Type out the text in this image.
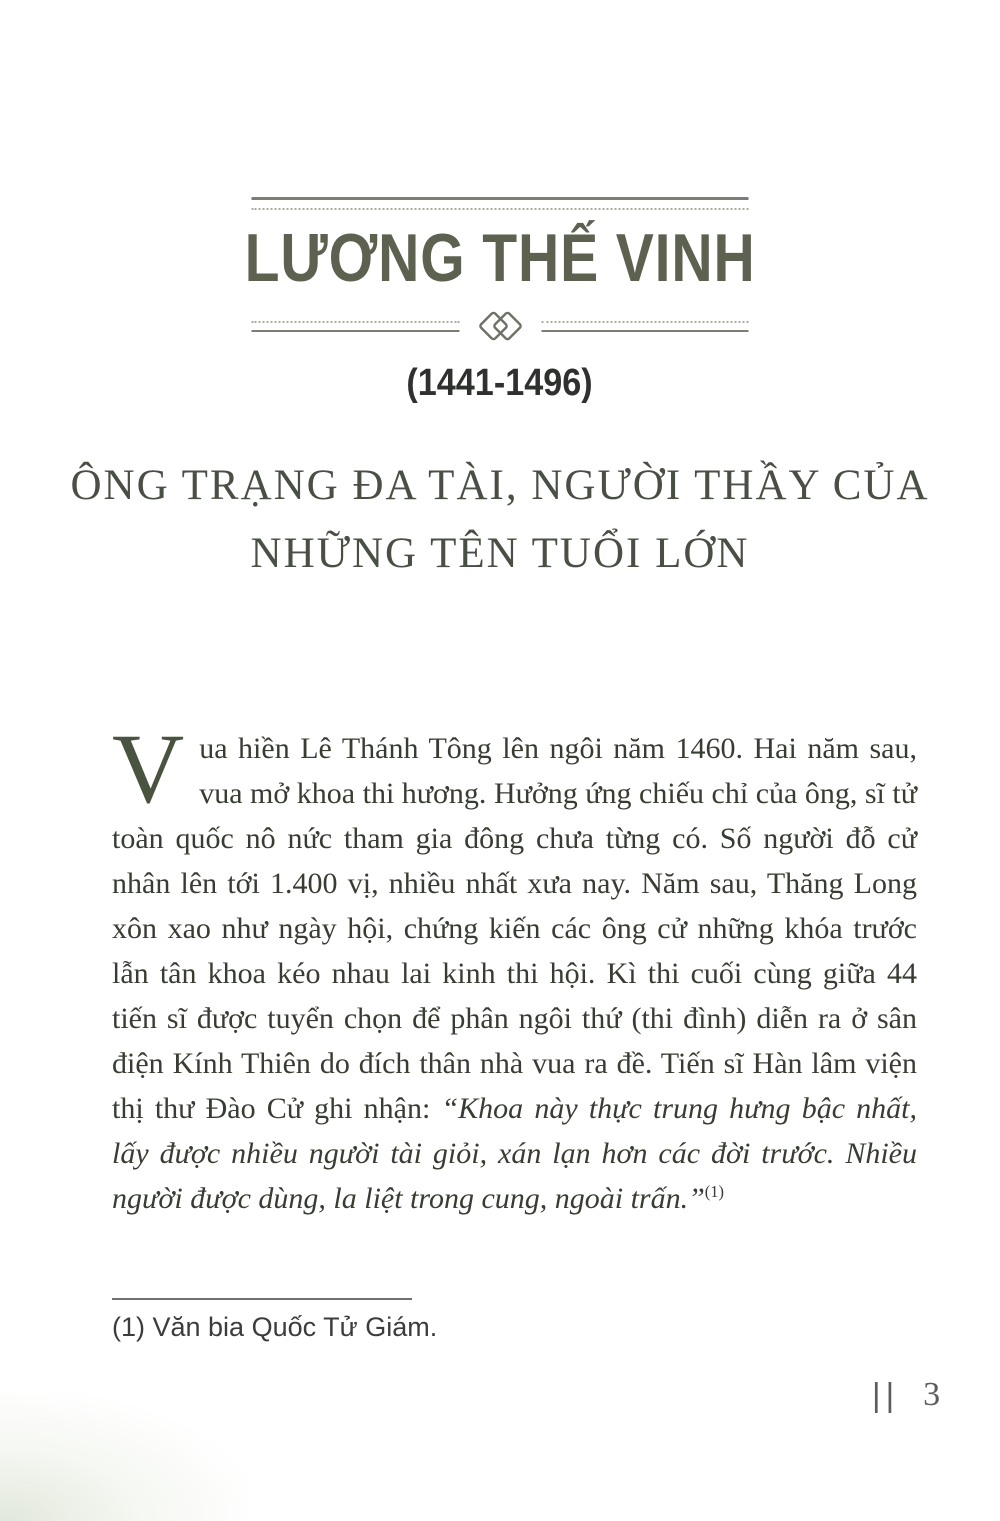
LƯƠNG THẾ VINH
(1441-1496)
ÔNG TRẠNG ĐA TÀI, NGƯỜI THẦY CỦA
NHỮNG TÊN TUỔI LỚN
Vua hiền Lê Thánh Tông lên ngôi năm 1460. Hai năm sau, vua mở khoa thi hương. Hưởng ứng chiếu chỉ của ông, sĩ tử toàn quốc nô nức tham gia đông chưa từng có. Số người đỗ cử nhân lên tới 1.400 vị, nhiều nhất xưa nay. Năm sau, Thăng Long xôn xao như ngày hội, chứng kiến các ông cử những khóa trước lẫn tân khoa kéo nhau lai kinh thi hội. Kì thi cuối cùng giữa 44 tiến sĩ được tuyển chọn để phân ngôi thứ (thi đình) diễn ra ở sân điện Kính Thiên do đích thân nhà vua ra đề. Tiến sĩ Hàn lâm viện thị thư Đào Cử ghi nhận: “Khoa này thực trung hưng bậc nhất, lấy được nhiều người tài giỏi, xán lạn hơn các đời trước. Nhiều người được dùng, la liệt trong cung, ngoài trấn.”$^{(1)}$
(1) Văn bia Quốc Tử Giám.
|| 3
